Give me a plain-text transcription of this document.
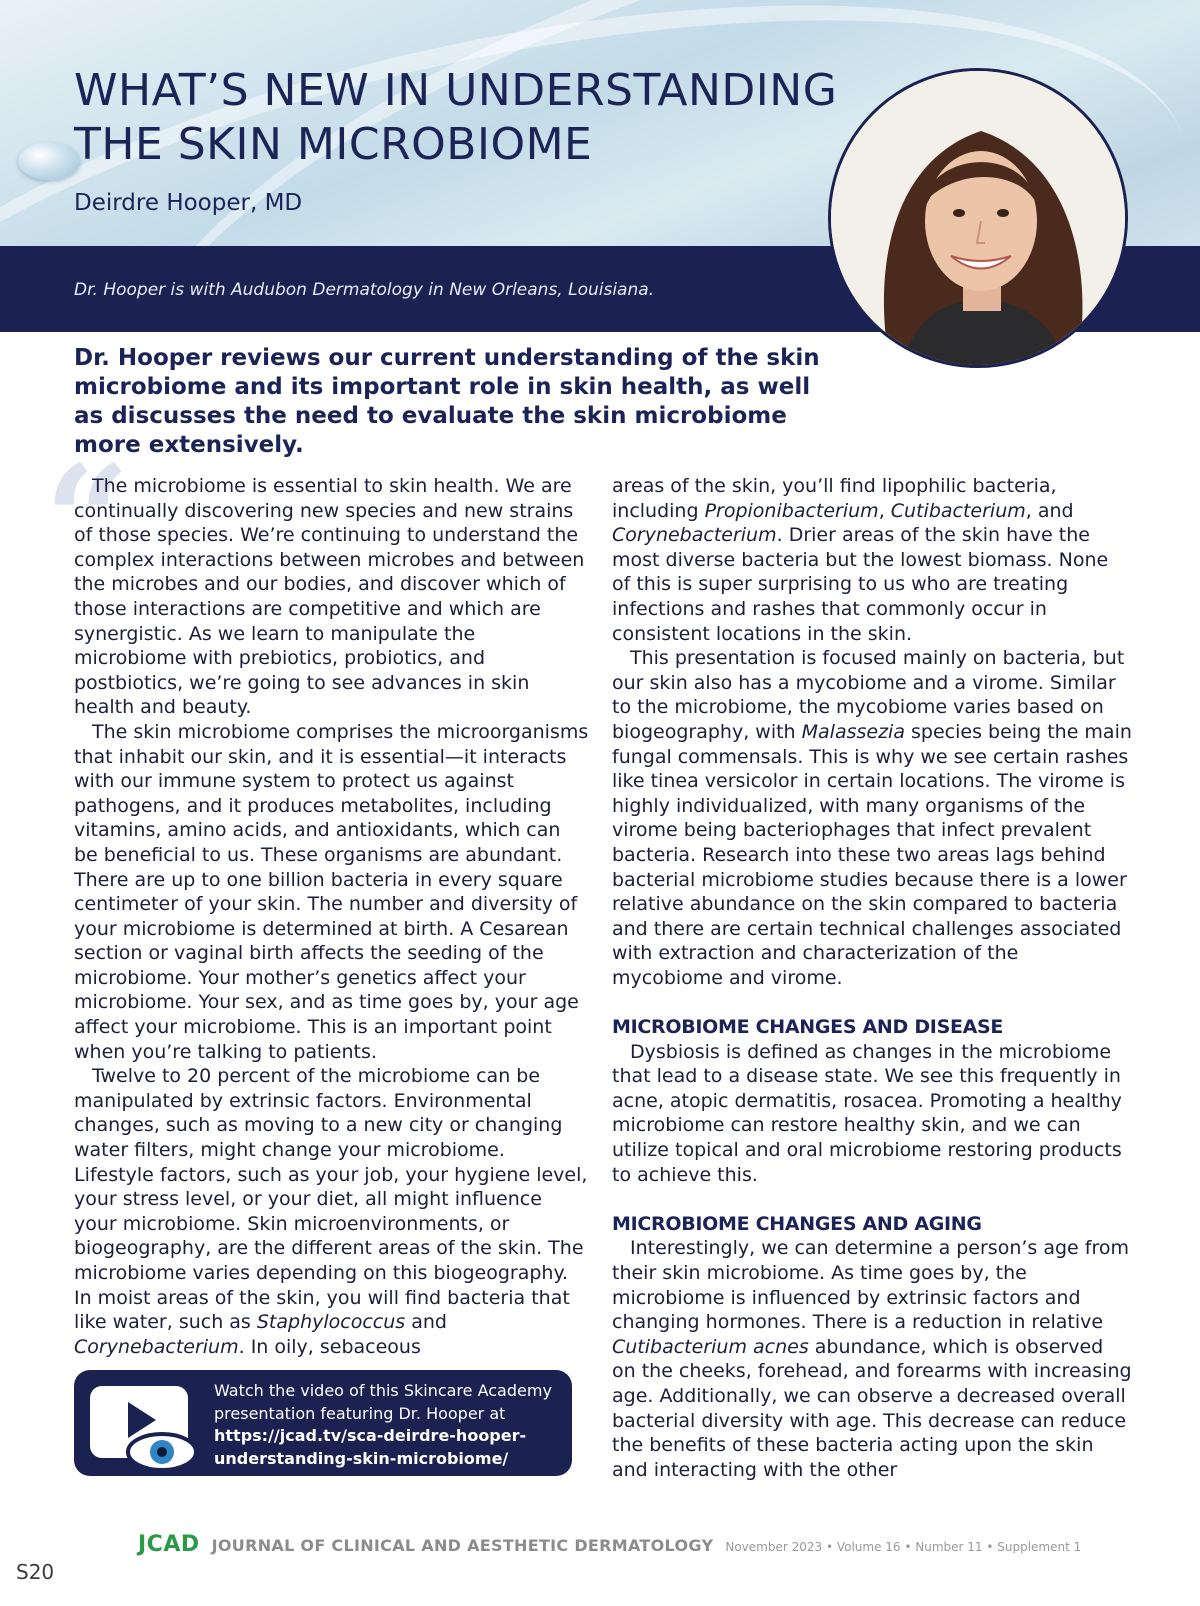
WHAT’S NEW IN UNDERSTANDING
THE SKIN MICROBIOME
Deirdre Hooper, MD
Dr. Hooper is with Audubon Dermatology in New Orleans, Louisiana.

Dr. Hooper reviews our current understanding of the skin microbiome and its important role in skin health, as well as discusses the need to evaluate the skin microbiome more extensively.

“

The microbiome is essential to skin health. We are continually discovering new species and new strains of those species. We’re continuing to understand the complex interactions between microbes and between the microbes and our bodies, and discover which of those interactions are competitive and which are synergistic. As we learn to manipulate the microbiome with prebiotics, probiotics, and postbiotics, we’re going to see advances in skin health and beauty.

The skin microbiome comprises the microorganisms that inhabit our skin, and it is essential—it interacts with our immune system to protect us against pathogens, and it produces metabolites, including vitamins, amino acids, and antioxidants, which can be beneficial to us. These organisms are abundant. There are up to one billion bacteria in every square centimeter of your skin. The number and diversity of your microbiome is determined at birth. A Cesarean section or vaginal birth affects the seeding of the microbiome. Your mother’s genetics affect your microbiome. Your sex, and as time goes by, your age affect your microbiome. This is an important point when you’re talking to patients.

Twelve to 20 percent of the microbiome can be manipulated by extrinsic factors. Environmental changes, such as moving to a new city or changing water filters, might change your microbiome. Lifestyle factors, such as your job, your hygiene level, your stress level, or your diet, all might influence your microbiome. Skin microenvironments, or biogeography, are the different areas of the skin. The microbiome varies depending on this biogeography. In moist areas of the skin, you will find bacteria that like water, such as Staphylococcus and Corynebacterium. In oily, sebaceous

Watch the video of this Skincare Academy presentation featuring Dr. Hooper at https://jcad.tv/sca-deirdre-hooper-understanding-skin-microbiome/

areas of the skin, you’ll find lipophilic bacteria, including Propionibacterium, Cutibacterium, and Corynebacterium. Drier areas of the skin have the most diverse bacteria but the lowest biomass. None of this is super surprising to us who are treating infections and rashes that commonly occur in consistent locations in the skin.

This presentation is focused mainly on bacteria, but our skin also has a mycobiome and a virome. Similar to the microbiome, the mycobiome varies based on biogeography, with Malassezia species being the main fungal commensals. This is why we see certain rashes like tinea versicolor in certain locations. The virome is highly individualized, with many organisms of the virome being bacteriophages that infect prevalent bacteria. Research into these two areas lags behind bacterial microbiome studies because there is a lower relative abundance on the skin compared to bacteria and there are certain technical challenges associated with extraction and characterization of the mycobiome and virome.

MICROBIOME CHANGES AND DISEASE

Dysbiosis is defined as changes in the microbiome that lead to a disease state. We see this frequently in acne, atopic dermatitis, rosacea. Promoting a healthy microbiome can restore healthy skin, and we can utilize topical and oral microbiome restoring products to achieve this.

MICROBIOME CHANGES AND AGING

Interestingly, we can determine a person’s age from their skin microbiome. As time goes by, the microbiome is influenced by extrinsic factors and changing hormones. There is a reduction in relative Cutibacterium acnes abundance, which is observed on the cheeks, forehead, and forearms with increasing age. Additionally, we can observe a decreased overall bacterial diversity with age. This decrease can reduce the benefits of these bacteria acting upon the skin and interacting with the other

JCAD JOURNAL OF CLINICAL AND AESTHETIC DERMATOLOGY November 2023 • Volume 16 • Number 11 • Supplement 1
S20
